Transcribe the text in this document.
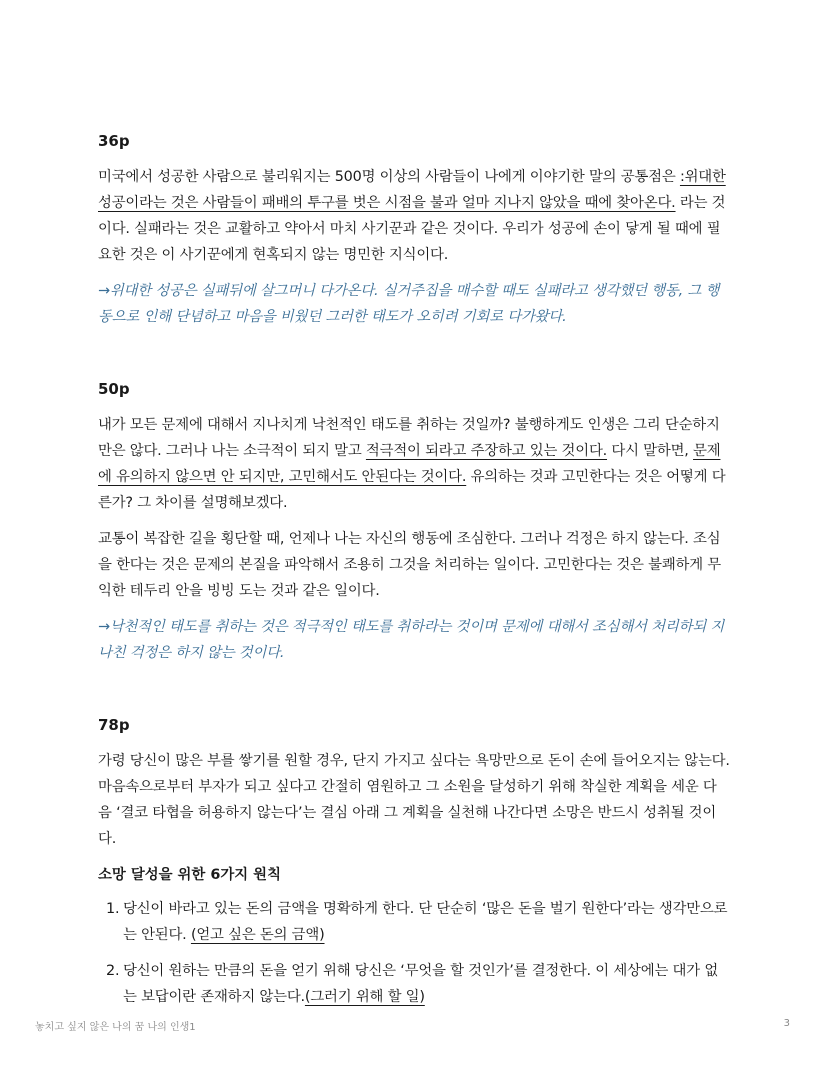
36p

미국에서 성공한 사람으로 불리워지는 500명 이상의 사람들이 나에게 이야기한 말의 공통점은 :위대한 성공이라는 것은 사람들이 패배의 투구를 벗은 시점을 불과 얼마 지나지 않았을 때에 찾아온다. 라는 것이다. 실패라는 것은 교활하고 약아서 마치 사기꾼과 같은 것이다. 우리가 성공에 손이 닿게 될 때에 필요한 것은 이 사기꾼에게 현혹되지 않는 명민한 지식이다.

→위대한 성공은 실패뒤에 살그머니 다가온다. 실거주집을 매수할 때도 실패라고 생각했던 행동, 그 행동으로 인해 단념하고 마음을 비웠던 그러한 태도가 오히려 기회로 다가왔다.

50p

내가 모든 문제에 대해서 지나치게 낙천적인 태도를 취하는 것일까? 불행하게도 인생은 그리 단순하지만은 않다. 그러나 나는 소극적이 되지 말고 적극적이 되라고 주장하고 있는 것이다. 다시 말하면, 문제에 유의하지 않으면 안 되지만, 고민해서도 안된다는 것이다. 유의하는 것과 고민한다는 것은 어떻게 다른가? 그 차이를 설명해보겠다.

교통이 복잡한 길을 횡단할 때, 언제나 나는 자신의 행동에 조심한다. 그러나 걱정은 하지 않는다. 조심을 한다는 것은 문제의 본질을 파악해서 조용히 그것을 처리하는 일이다. 고민한다는 것은 불쾌하게 무익한 테두리 안을 빙빙 도는 것과 같은 일이다.

→낙천적인 태도를 취하는 것은 적극적인 태도를 취하라는 것이며 문제에 대해서 조심해서 처리하되 지나친 걱정은 하지 않는 것이다.

78p

가령 당신이 많은 부를 쌓기를 원할 경우, 단지 가지고 싶다는 욕망만으로 돈이 손에 들어오지는 않는다. 마음속으로부터 부자가 되고 싶다고 간절히 염원하고 그 소원을 달성하기 위해 착실한 계획을 세운 다음 ‘결코 타협을 허용하지 않는다’는 결심 아래 그 계획을 실천해 나간다면 소망은 반드시 성취될 것이다.

소망 달성을 위한 6가지 원칙
1. 당신이 바라고 있는 돈의 금액을 명확하게 한다. 단 단순히 ‘많은 돈을 벌기 원한다’라는 생각만으로는 안된다. (얻고 싶은 돈의 금액)
2. 당신이 원하는 만큼의 돈을 얻기 위해 당신은 ‘무엇을 할 것인가’를 결정한다. 이 세상에는 대가 없는 보답이란 존재하지 않는다.(그러기 위해 할 일)
놓치고 싶지 않은 나의 꿈 나의 인생1	3
